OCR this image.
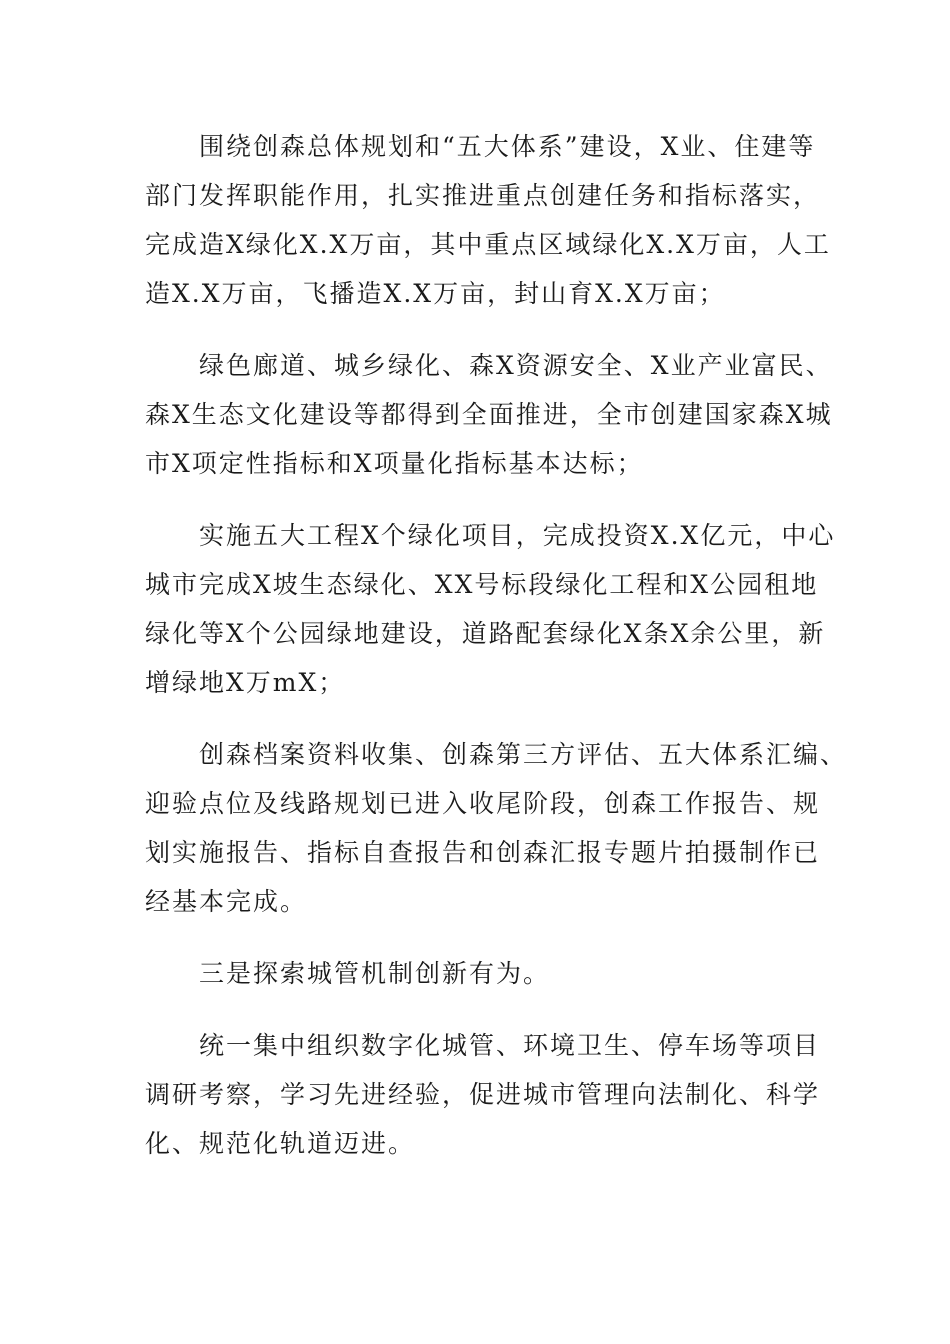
围绕创森总体规划和“五大体系”建设，X业、住建等
部门发挥职能作用，扎实推进重点创建任务和指标落实，
完成造X绿化X.X万亩，其中重点区域绿化X.X万亩，人工
造X.X万亩，飞播造X.X万亩，封山育X.X万亩；

绿色廊道、城乡绿化、森X资源安全、X业产业富民、
森X生态文化建设等都得到全面推进，全市创建国家森X城
市X项定性指标和X项量化指标基本达标；

实施五大工程X个绿化项目，完成投资X.X亿元，中心
城市完成X坡生态绿化、XX号标段绿化工程和X公园租地
绿化等X个公园绿地建设，道路配套绿化X条X余公里，新
增绿地X万mX；

创森档案资料收集、创森第三方评估、五大体系汇编、
迎验点位及线路规划已进入收尾阶段，创森工作报告、规
划实施报告、指标自查报告和创森汇报专题片拍摄制作已
经基本完成。

三是探索城管机制创新有为。

统一集中组织数字化城管、环境卫生、停车场等项目
调研考察，学习先进经验，促进城市管理向法制化、科学
化、规范化轨道迈进。
